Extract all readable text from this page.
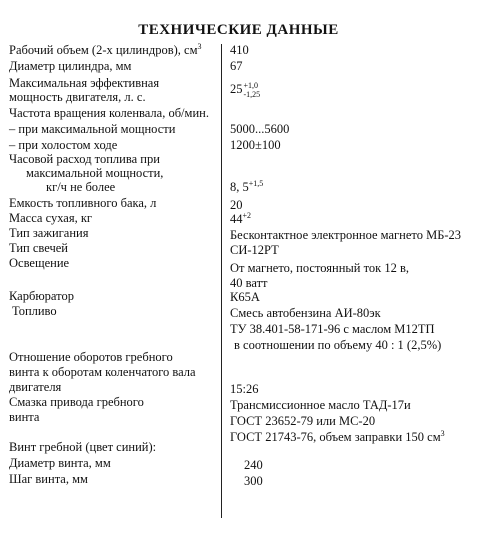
ТЕХНИЧЕСКИЕ ДАННЫЕ
Рабочий объем (2-х цилиндров), $см^3$ 410
Диаметр цилиндра, мм	67
Максимальная эффективная
мощность двигателя, л. с.
25 +1,0
-1,25
Частота вращения коленвала, об/мин.
– при максимальной мощности	5000...5600
– при холостом ходе	1200±100
Часовой расход топлива при
максимальной мощности,
кг/ч не более	8, $5^{+1,5}$
Емкость топливного бака, л	20
Масса сухая, кг	$44^{+2}$
Тип зажигания	Бесконтактное электронное магнето МБ-23
Тип свечей	СИ-12РТ
Освещение	От магнето, постоянный ток 12 в,
40 ватт
Карбюратор	К65А
Топливо	Смесь автобензина АИ-80эк
ТУ 38.401-58-171-96 с маслом М12ТП
в соотношении по объему 40 : 1 (2,5%)
Отношение оборотов гребного
винта к оборотам коленчатого вала
двигателя	15:26
Смазка привода гребного
винта
Трансмиссионное масло ТАД-17и
ГОСТ 23652-79 или МС-20
ГОСТ 21743-76, объем заправки 150 $см^3$
Винт гребной (цвет синий):
Диаметр винта, мм	240
Шаг винта, мм	300
